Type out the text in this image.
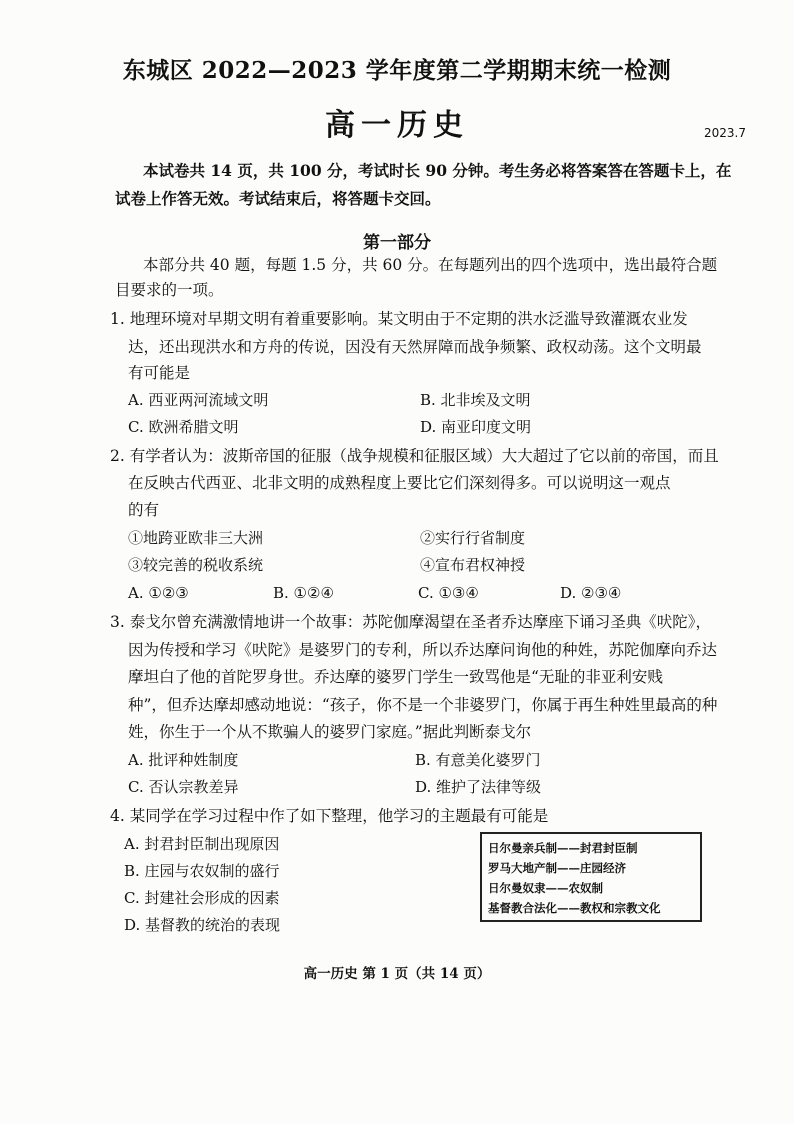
东城区 2022—2023 学年度第二学期期末统一检测
高一历史	2023.7
本试卷共 14 页，共 100 分，考试时长 90 分钟。考生务必将答案答在答题卡上，在
试卷上作答无效。考试结束后，将答题卡交回。
第一部分
本部分共 40 题，每题 1.5 分，共 60 分。在每题列出的四个选项中，选出最符合题
目要求的一项。
1. 地理环境对早期文明有着重要影响。某文明由于不定期的洪水泛滥导致灌溉农业发
达，还出现洪水和方舟的传说，因没有天然屏障而战争频繁、政权动荡。这个文明最
有可能是
A. 西亚两河流域文明	B. 北非埃及文明
C. 欧洲希腊文明	D. 南亚印度文明
2. 有学者认为：波斯帝国的征服（战争规模和征服区域）大大超过了它以前的帝国，而且
在反映古代西亚、北非文明的成熟程度上要比它们深刻得多。可以说明这一观点
的有
①地跨亚欧非三大洲	②实行行省制度
③较完善的税收系统	④宣布君权神授
A. ①②③	B. ①②④	C. ①③④	D. ②③④
3. 泰戈尔曾充满激情地讲一个故事：苏陀伽摩渴望在圣者乔达摩座下诵习圣典《吠陀》，
因为传授和学习《吠陀》是婆罗门的专利，所以乔达摩问询他的种姓，苏陀伽摩向乔达
摩坦白了他的首陀罗身世。乔达摩的婆罗门学生一致骂他是“无耻的非亚利安贱
种”，但乔达摩却感动地说：“孩子，你不是一个非婆罗门，你属于再生种姓里最高的种
姓，你生于一个从不欺骗人的婆罗门家庭。”据此判断泰戈尔
A. 批评种姓制度	B. 有意美化婆罗门
C. 否认宗教差异	D. 维护了法律等级
4. 某同学在学习过程中作了如下整理，他学习的主题最有可能是
A. 封君封臣制出现原因
B. 庄园与农奴制的盛行
C. 封建社会形成的因素
D. 基督教的统治的表现
日尔曼亲兵制——封君封臣制
罗马大地产制——庄园经济
日尔曼奴隶——农奴制
基督教合法化——教权和宗教文化
高一历史 第 1 页（共 14 页）
